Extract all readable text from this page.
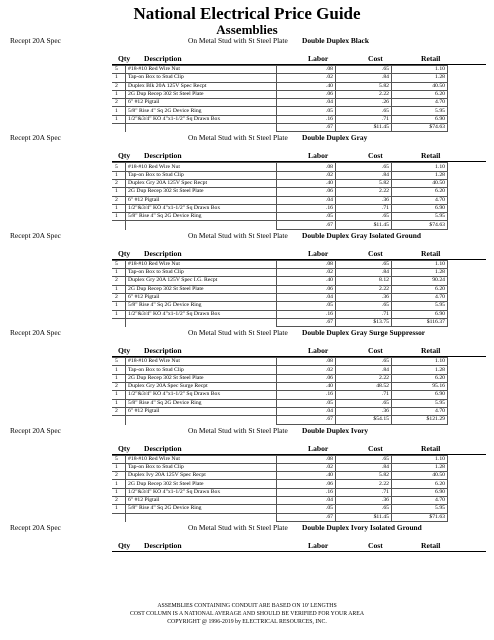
National Electrical Price Guide
Assemblies
Recept 20A Spec	On Metal Stud with St Steel Plate Double Duplex Black
Qty Description	Labor	Cost	Retail
5	#18-#10 Red Wire Nut	.08	.65	1.10
1	Tap-on Box to Stud Clip	.02	.84	1.28
2	Duplex Blk 20A 125V Spec Recpt	.40	5.82	40.50
1	2G Dup Recep 302 St Steel Plate	.06	2.22	6.20
2	6" #12 Pigtail	.04	.26	4.70
1	5/8" Rise 4" Sq 2G Device Ring	.05	.65	5.95
1	1/2"&3/4" KO 4"x1-1/2" Sq Drawn Box	.16	.71	6.90
		.67	$11.45	$74.63
Recept 20A Spec	On Metal Stud with St Steel Plate Double Duplex Gray
Qty Description	Labor	Cost	Retail
5	#18-#10 Red Wire Nut	.08	.65	1.10
1	Tap-on Box to Stud Clip	.02	.84	1.28
2	Duplex Gry 20A 125V Spec Recpt	.40	5.82	40.50
1	2G Dup Recep 302 St Steel Plate	.06	2.22	6.20
2	6" #12 Pigtail	.04	.36	4.70
1	1/2"&3/4" KO 4"x1-1/2" Sq Drawn Box	.16	.71	6.90
1	5/8" Rise 4" Sq 2G Device Ring	.05	.65	5.95
		.67	$11.45	$74.63
Recept 20A Spec	On Metal Stud with St Steel Plate Double Duplex Gray Isolated Ground
Qty Description	Labor	Cost	Retail
5	#18-#10 Red Wire Nut	.08	.65	1.10
1	Tap-on Box to Stud Clip	.02	.84	1.28
2	Duplex Gry 20A 125V Spec I.G. Recpt	.40	8.12	90.24
1	2G Dup Recep 302 St Steel Plate	.06	2.22	6.20
2	6" #12 Pigtail	.04	.36	4.70
1	5/8" Rise 4" Sq 2G Device Ring	.05	.65	5.95
1	1/2"&3/4" KO 4"x1-1/2" Sq Drawn Box	.16	.71	6.90
		.67	$13.75	$116.37
Recept 20A Spec	On Metal Stud with St Steel Plate Double Duplex Gray Surge Suppressor
Qty Description	Labor	Cost	Retail
5	#18-#10 Red Wire Nut	.08	.65	1.10
1	Tap-on Box to Stud Clip	.02	.84	1.28
1	2G Dup Recep 302 St Steel Plate	.06	2.22	6.20
2	Duplex Gry 20A Spec Surge Recpt	.40	48.52	95.16
1	1/2"&3/4" KO 4"x1-1/2" Sq Drawn Box	.16	.71	6.90
1	5/8" Rise 4" Sq 2G Device Ring	.05	.65	5.95
2	6" #12 Pigtail	.04	.36	4.70
		.67	$54.15	$121.29
Recept 20A Spec	On Metal Stud with St Steel Plate Double Duplex Ivory
Qty Description	Labor	Cost	Retail
5	#18-#10 Red Wire Nut	.08	.65	1.10
1	Tap-on Box to Stud Clip	.02	.84	1.28
2	Duplex Ivy 20A 125V Spec Recpt	.40	5.82	40.50
1	2G Dup Recep 302 St Steel Plate	.06	2.22	6.20
1	1/2"&3/4" KO 4"x1-1/2" Sq Drawn Box	.16	.71	6.90
2	6" #12 Pigtail	.04	.36	4.70
1	5/8" Rise 4" Sq 2G Device Ring	.05	.65	5.95
		.67	$11.45	$71.63
Recept 20A Spec	On Metal Stud with St Steel Plate Double Duplex Ivory Isolated Ground
Qty Description	Labor	Cost	Retail
ASSEMBLIES CONTAINING CONDUIT ARE BASED ON 10' LENGTHS
COST COLUMN IS A NATIONAL AVERAGE AND SHOULD BE VERIFIED FOR YOUR AREA
COPYRIGHT @ 1996-2019 by ELECTRICAL RESOURCES, INC.
